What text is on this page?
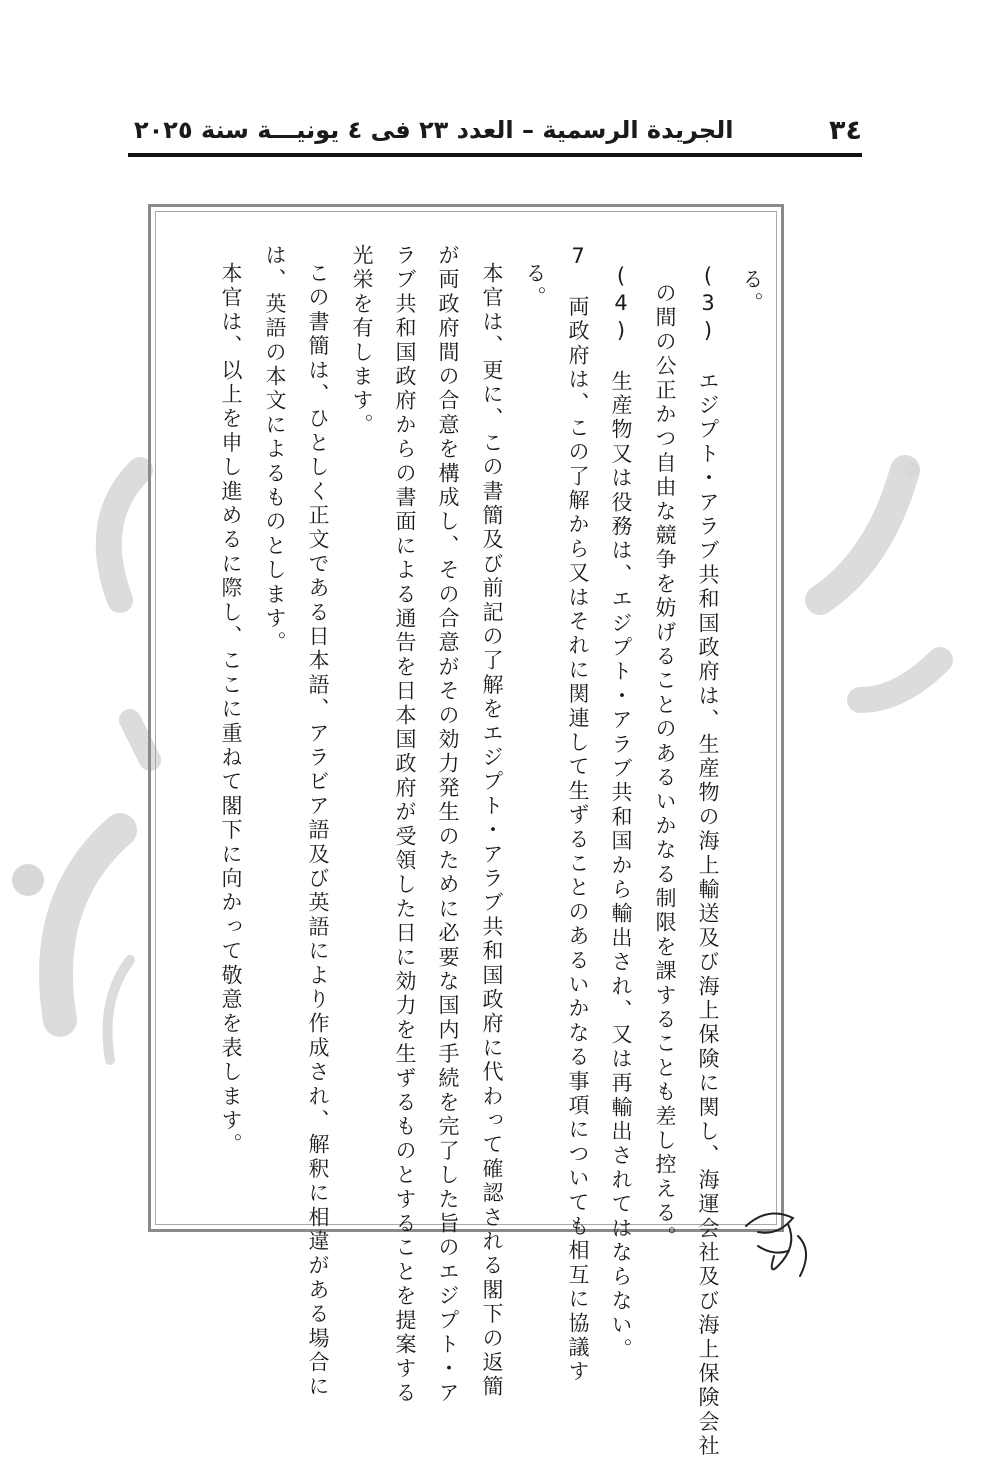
٣٤
الجريدة الرسمية – العدد ٢٣ فى ٤ يونيـــة سنة ٢٠٢٥
る。
(3)　エジプト・アラブ共和国政府は、生産物の海上輸送及び海上保険に関し、海運会社及び海上保険会社
の間の公正かつ自由な競争を妨げることのあるいかなる制限を課することも差し控える。
(4)　生産物又は役務は、エジプト・アラブ共和国から輸出され、又は再輸出されてはならない。
7　両政府は、この了解から又はそれに関連して生ずることのあるいかなる事項についても相互に協議す
る。
本官は、更に、この書簡及び前記の了解をエジプト・アラブ共和国政府に代わって確認される閣下の返簡
が両政府間の合意を構成し、その合意がその効力発生のために必要な国内手続を完了した旨のエジプト・ア
ラブ共和国政府からの書面による通告を日本国政府が受領した日に効力を生ずるものとすることを提案する
光栄を有します。
この書簡は、ひとしく正文である日本語、アラビア語及び英語により作成され、解釈に相違がある場合に
は、英語の本文によるものとします。
本官は、以上を申し進めるに際し、ここに重ねて閣下に向かって敬意を表します。
